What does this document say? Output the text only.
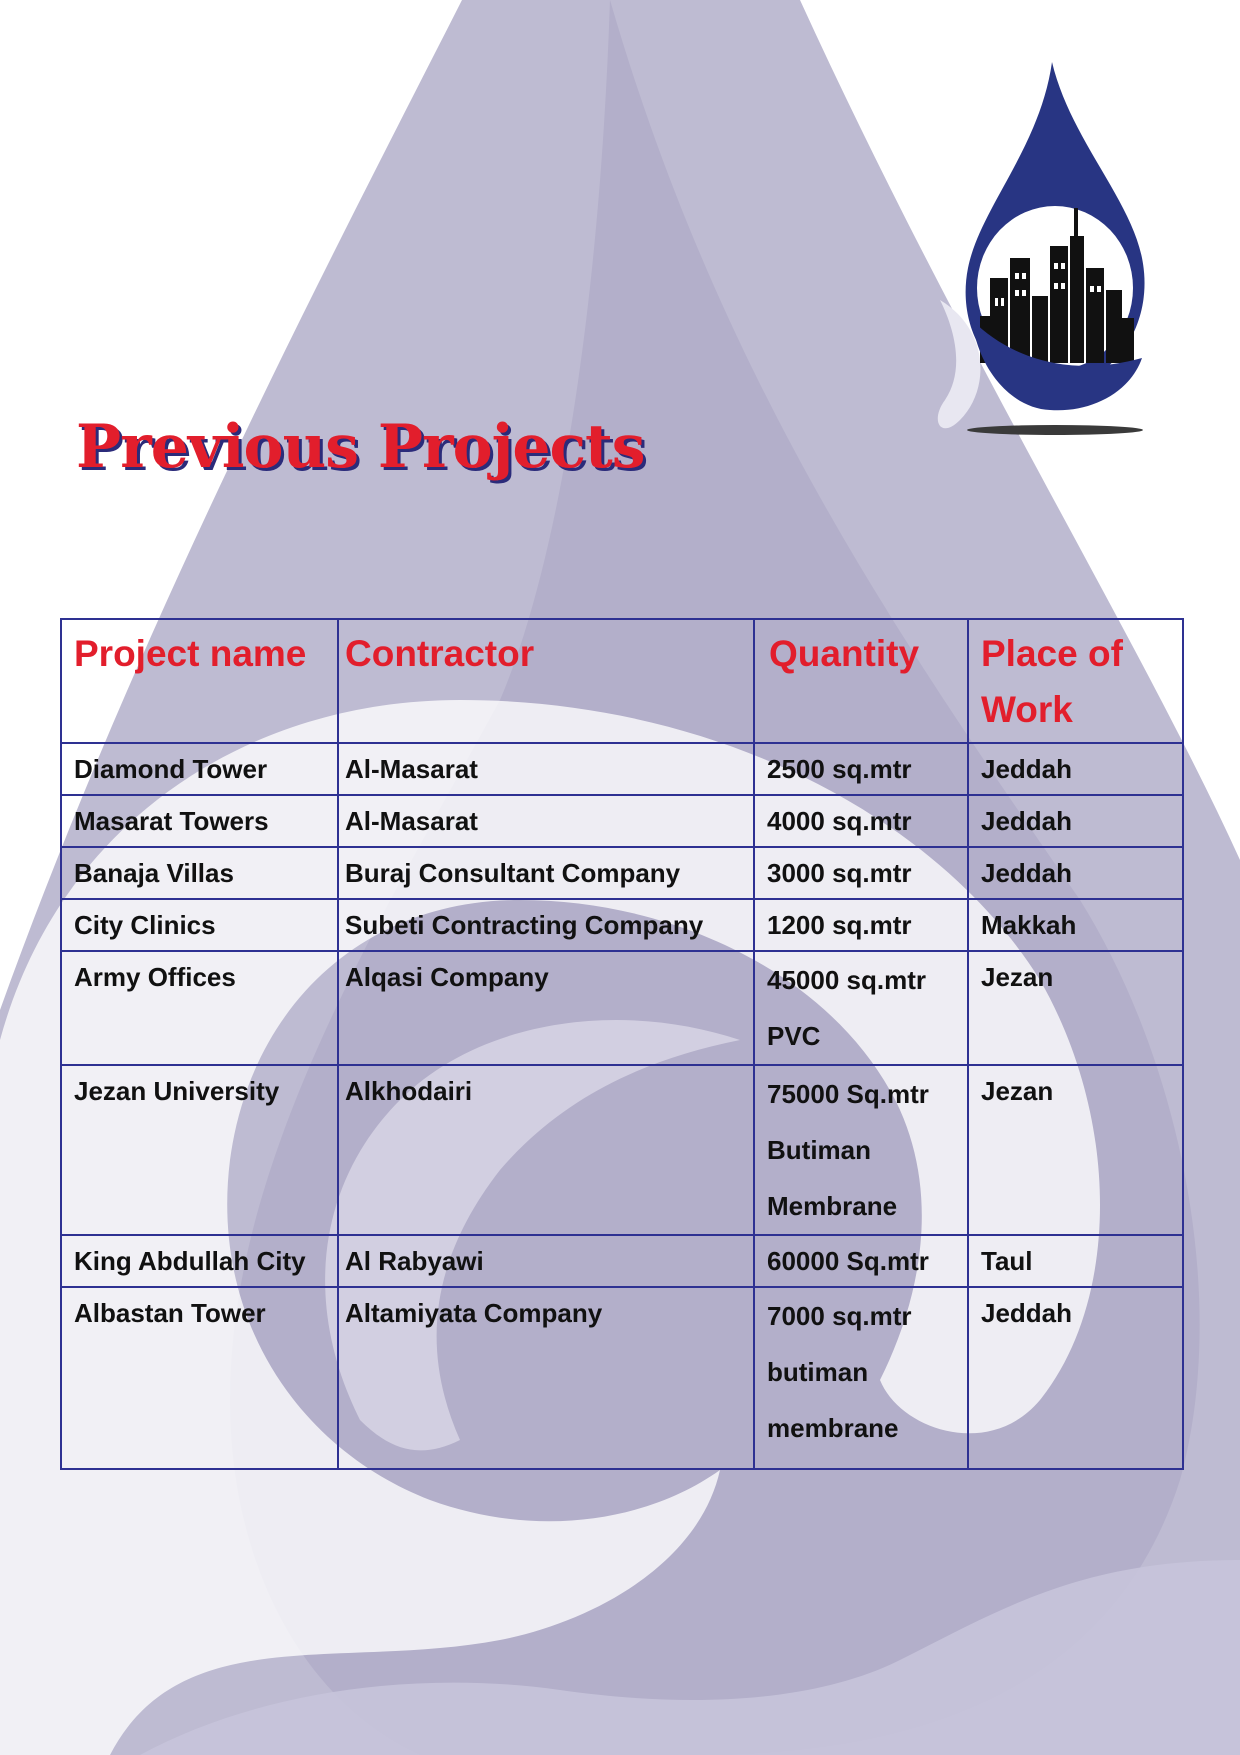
Previous Projects
Project name	Contractor	Quantity	Place of Work
Diamond Tower	Al-Masarat	2500 sq.mtr	Jeddah
Masarat Towers	Al-Masarat	4000 sq.mtr	Jeddah
Banaja Villas	Buraj Consultant Company	3000 sq.mtr	Jeddah
City Clinics	Subeti Contracting Company	1200 sq.mtr	Makkah
Army Offices	Alqasi Company	45000 sq.mtr PVC	Jezan
Jezan University	Alkhodairi	75000 Sq.mtr Butiman Membrane	Jezan
King Abdullah City	Al Rabyawi	60000 Sq.mtr	Taul
Albastan Tower	Altamiyata Company	7000 sq.mtr butiman membrane	Jeddah
